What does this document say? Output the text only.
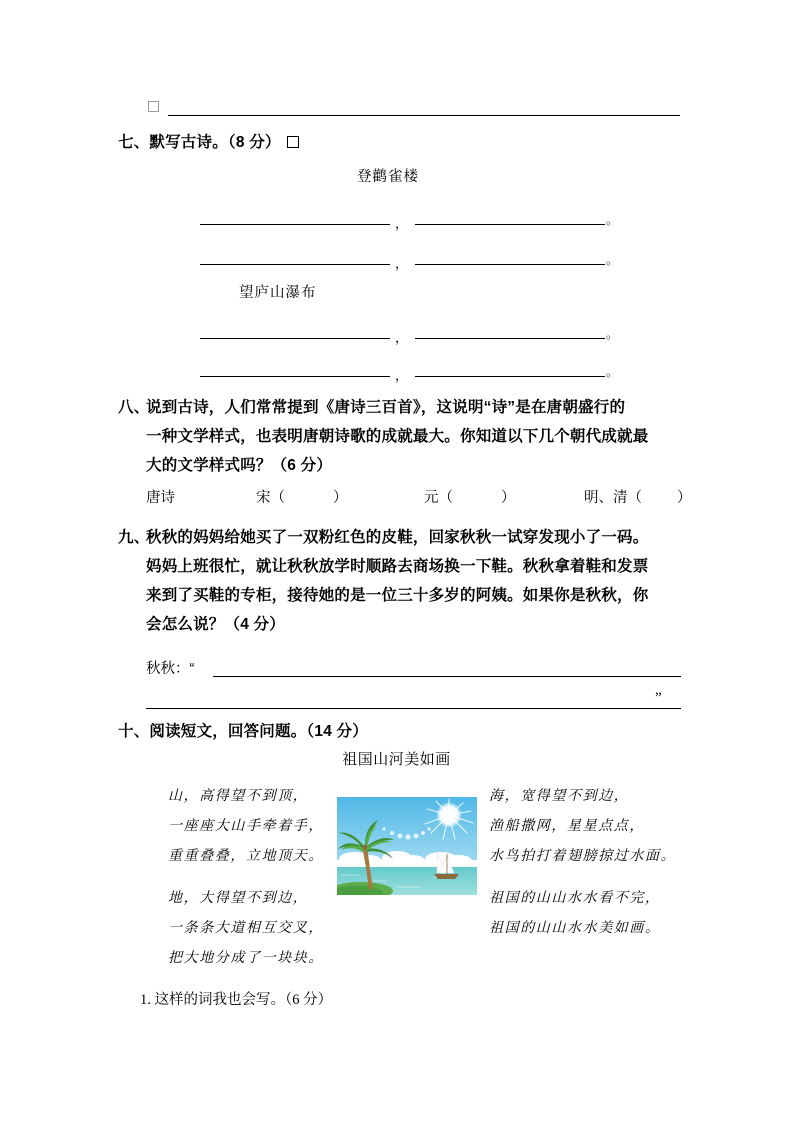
七、默写古诗。（8 分）
登鹳雀楼
，	。
，	。
望庐山瀑布
，	。
，	。
八、
说到古诗，人们常常提到《唐诗三百首》，这说明“诗”是在唐朝盛行的
一种文学样式，也表明唐朝诗歌的成就最大。你知道以下几个朝代成就最
大的文学样式吗？（6 分）
唐诗	宋（	）	元（	）	明、清（ ）
九、
秋秋的妈妈给她买了一双粉红色的皮鞋，回家秋秋一试穿发现小了一码。
妈妈上班很忙，就让秋秋放学时顺路去商场换一下鞋。秋秋拿着鞋和发票
来到了买鞋的专柜，接待她的是一位三十多岁的阿姨。如果你是秋秋，你
会怎么说？（4 分）
秋秋：“
”
十、阅读短文，回答问题。（14 分）
祖国山河美如画
山，高得望不到顶，
一座座大山手牵着手，
重重叠叠，立地顶天。
地，大得望不到边，
一条条大道相互交叉，
把大地分成了一块块。
海，宽得望不到边，
渔船撒网，星星点点，
水鸟拍打着翅膀掠过水面。
祖国的山山水水看不完，
祖国的山山水水美如画。
1. 这样的词我也会写。（6 分）
